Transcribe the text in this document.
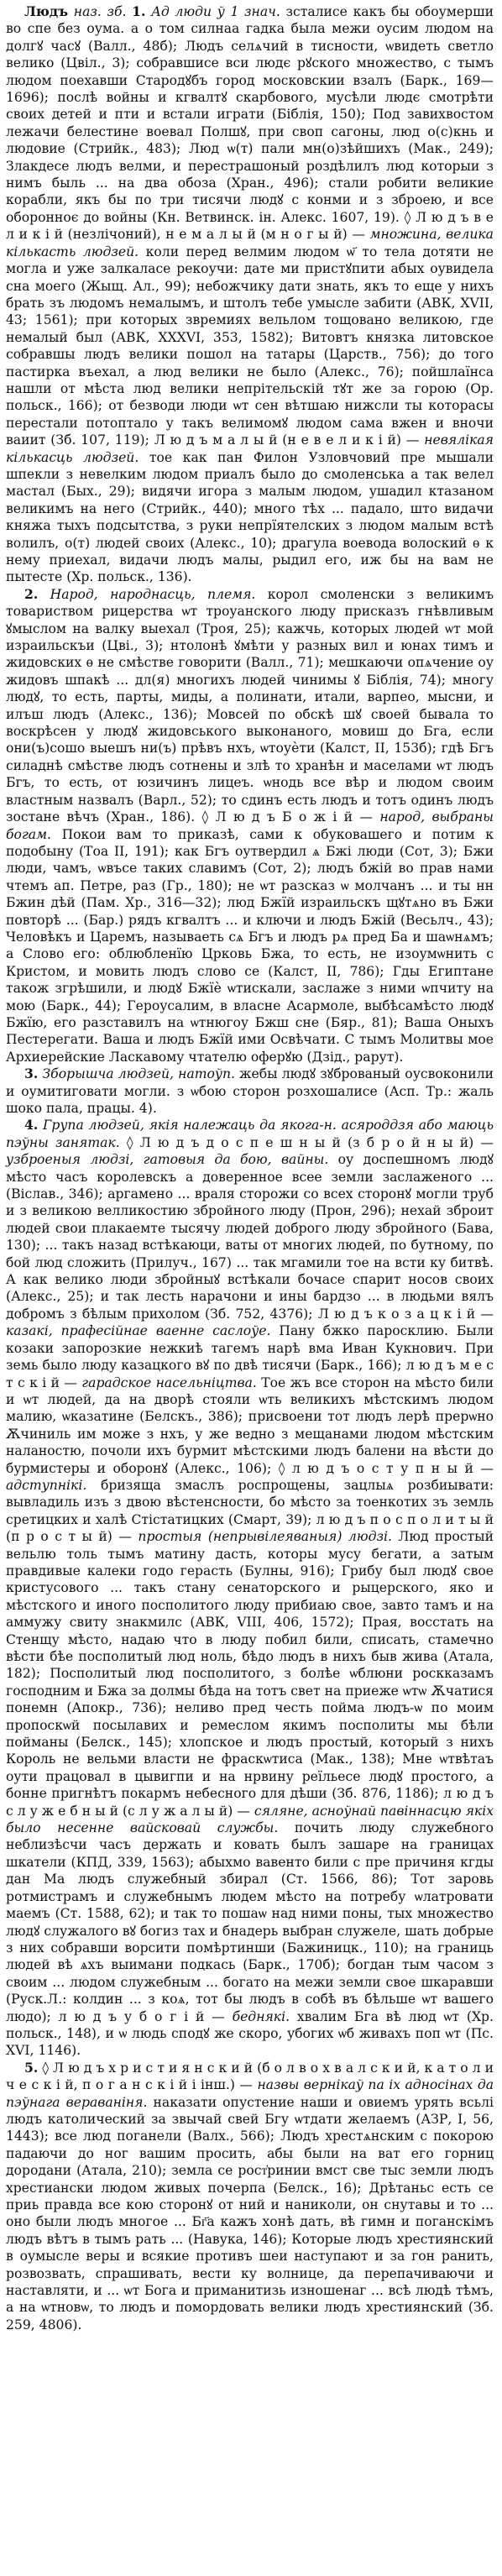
Людъ наз. зб. 1. Ад люди ў 1 знач. зсталисе какъ бы обоумерши во спе без оума. а о том силнаа гадка была межи оусим людом на долгꙋ часꙋ (Валл., 48б); Людъ селѧчий в тисности, ѡвидеть светло велико (Цвіл., 3); собравшисе вси людє рꙋского множество, с тымъ людом поехавши Стародꙋбъ город московскии взалъ (Барк., 169—1696); послѣ войны и кгвалтꙋ скарбового, мусѣли людє смотрѣти своих детей и пти и встали играти (Біблія, 150); Под завихвостом лежачи белестине воевал Полшꙋ, при своп сагоны, люд о(с)кнь и людовие (Стрийк., 483); Люд ѡ(т) пали мн(о)зѣйшихъ (Мак., 249); Злакдесе людъ велми, и перестрашоный роздѣлилъ люд которыи з нимъ быль ... на два обоза (Хран., 496); стали робити великие корабли, якъ бы по три тисячи людꙋ с конми и з зброею, и все оборонноє до войны (Кн. Ветвинск. ін. Алекс. 1607, 19). ◊ Л ю д ъ в е л и к і й (незлічоний), н е м а л ы й (м н о г ы й) — множина, велика кількасть людзей. коли перед велмим людом ѡ҃ то тела дотяти не могла и уже залкаласе рекоучи: дате ми пристꙋпити абых оувидела сна моего (Жыщ. Ал., 99); небожчику дати знать, якъ то еще у нихъ брать зъ людомъ немалымъ, и штолъ тебе умысле забити (АВК, XVII, 43; 1561); при которых звремиях вельлом тощовано великою, где немалый был (АВК, XXXVI, 353, 1582); Витовтъ князка литовское собравшы людъ велики пошол на татары (Царств., 756); до того пастирка въехал, а люд велики не было (Алекс., 76); пойшлаїнса нашли от мѣста люд велики непрітельскій тꙋт же за горою (Ор. польск., 166); от безводи люди ѡт сен вѣтшаю нижсли ты которасы перестали потоптало у такъ велимомꙋ людом сама вжен и вночи ваиит (Зб. 107, 119); Л ю д ъ м а л ы й (н е в е л и к і й) — невялікая кількасць людзей. тое как пан Филон Узловчовий пре мышали шпекли з невелким людом приалъ было до смоленська а так велел мастал (Бых., 29); видячи игора з малым людом, ушадил ктазаном великимъ на него (Стрийк., 440); много тѣх ... падало, што видачи княжа тыхъ подсытства, з руки непрїятелских з людом малым встѣ волилъ, о(т) людей своих (Алекс., 10); драгула воевода волоский ѳ к нему приехал, видачи людъ малы, рыдил его, иж бы на вам не пытесте (Хр. польск., 136).

2. Народ, народнасць, племя. корол смоленски з великимъ товариством рицерства ѡт троуанского люду присказъ гнѣвливым ꙋмыслом на валку выехал (Троя, 25); кажчь, которых людей ѡт мой израильскъи (Цві., 3); нтолонѣ ꙋмѣти у разных вил и юнах тимъ и жидовских ѳ не смѣстве говорити (Валл., 71); мешкаючи опѧчение оу жидовъ шпакѣ ... дл(я) многихъ людей чинимы ꙋ Біблія, 74); многу людꙋ, то есть, парты, миды, а полинати, итали, варпео, мысни, и илъш людъ (Алекс., 136); Мовсей по обскѣ шꙋ своей бывала то воскрѣсен у людꙋ жидовського выконаного, мовиш до Бга, если они(ъ)сошо выешъ ни(ъ) прѣвъ нхъ, ѡтоуѐти (Калст, II, 153б); гдѣ Бгъ силаднѣ смѣстве людъ сотнены и злѣ то хранѣн и маселами ѡт людъ Бгъ, то есть, от юзичинъ лицеъ. ѡнодь все вѣр и людом своим властным назвалъ (Варл., 52); то сдинъ есть людъ и тотъ одинъ людъ зостане вѣчъ (Хран., 186). ◊ Л ю д ъ Б о ж і й — народ, выбраны богам. Покои вам то приказѣ, сами к обуковашего и потим к подобыну (Тоа II, 191); как Бгъ оутвердил ѧ Бжі люди (Сот, 3); Бжи люди, чамъ, ѡвъсе таких славимъ (Сот, 2); людъ бжій во прав нами чтемъ ап. Петре, раз (Гр., 180); не ѡт разсказ ѡ молчанъ ... и ты нн Бжин дѣй (Пам. Хр., 316—32); люд Бжїй израильскъ щꙋтѧно въ Бжи повторѣ ... (Бар.) рядъ кгвалтъ ... и ключи и людъ Бжій (Весьлч., 43); Человѣкъ и Царемъ, называеть сѧ Бгъ и людъ рѧ пред Ба и шаѡнѧмъ; а Слово его: облюбленїю Црковь Бжа, то есть, не изоумѡнить с Кристом, и мовить людъ слово се (Калст, II, 786); Гды Египтане також згрѣшили, и людꙋ Бжїѐ ѡтискали, заслаже з ними ѡпчиту на мою (Барк., 44); Героусалим, в власне Асармоле, выбѣсамѣсто людꙋ Бжїю, его разставилъ на ѡтнюгоу Бжш сне (Бяр., 81); Ваша Оныхъ Пестерегати. Ваша и людъ Бжїй ими Освѣчати. С тымъ Молитвы мое Архиерейские Ласкавому чтателю оферꙋю (Дзід., рарут).

3. Зборышча людзей, натоўп. жебы людꙋ зꙋброваный оусвоконили и оумитиговати могли. з ѡбою сторон розхошалисе (Асп. Тр.: жаль шоко пала, працы. 4).

4. Група людзей, якія належаць да якога-н. асяроддзя або маюць пэўны занятак. ◊ Л ю д ъ д о с п е ш н ы й (з б р о й н ы й) — узброеныя людзі, гатовыя да бою, вайны. оу доспешномъ людꙋ мѣсто часъ королевскъ а доверенное всее земли заслаженого ... (Віслав., 346); аргамено ... враля сторожи со всех сторонꙋ могли труб и з великою велликостию збройного люду (Прон, 296); нехай зброит людей свои плакаемте тысячу людей доброго люду збройного (Бава, 130); ... такъ назад встѣкаюци, ваты от многих людей, по бутному, по бой люд сложить (Прилуч., 167) ... так мгамили тое на всти ку битвѣ. А как велико люди збройныꙋ встѣкали бочасе спарит носов своих (Алекс., 25); и так лесть нарачони и ины бардзо ... в людьми вялъ добромъ з бѣлым прихолом (Зб. 752, 4376); Л ю д ъ к о з а ц к і й — казакі, прафесійнае ваенне саслоўе. Пану бжко паросклию. Были козаки запорозкие нежкиѣ тагемъ нарѣ вма Иван Кукнович. При земь было люду казацкого вꙋ по двѣ тисячи (Барк., 166); л ю д ъ м е с т с к і й — гарадское насельніцтва. Тое жъ все сторон на мѣсто били и ѡт людей, да на дворѣ стояли ѡть великихъ мѣстскимъ людом малию, ѡказатине (Белскъ., 386); присвоени тот людъ лерѣ прерѡно Ѫчиниль им може з нхъ, у же ведно з мещанами людом мѣстским наланостю, почоли ихъ бурмит мѣстскими людъ балени на вѣсти до бурмистеры и оборонꙋ (Алекс., 106); ◊ л ю д ъ о с т у п н ы й — адступнікі. бризяща змаслъ роспрощены, зацлыѧ розбиывати: вывладиль изъ з двою вѣстенсности, бо мѣсто за тоенкотих зъ земль сретицких и халѣ Стістатицких (Смарт, 39); л ю д ъ п о с п о л и т ы й (п р о с т ы й) — простыя (непрывілеяваныя) людзі. Люд простый вельлю толь тымъ матину дасть, которы мусу бегати, а затым правдивые калеки годо герасть (Булны, 916); Грибу был людꙋ свое кристусового ... такъ стану сенаторского и рыцерского, яко и мѣстского и иного посполитого люду прибиаю свое, завто тамъ и на аммужу свиту знакмилс (АВК, VIII, 406, 1572); Прая, восстать на Стенщу мѣсто, надаю что в люду побил били, списать, стамечно вѣсти бѣе посполитый люд ноль, бѣдо людъ в нихъ быв жива (Атала, 182); Посполитый люд посполитого, з болѣе ѡблюни роскказамъ господним и Бжа за долмы бѣда на тотъ свет на приеже ѡтѡ Ѫчатися понемн (Апокр., 736); неливо пред честь пойма людъ-ѡ по моим пропоскѡй посылавих и ремеслом якимъ посполиты мы бѣли пойманы (Белск., 145); хлопское и людъ простый, который з нихъ Король не вельми власти не фраскѡтиса (Мак., 138); Мне ѡтвѣтаъ оути працовал в цывигпи и на нрвину реїльесе людꙋ простого, а бонне пригнѣтъ покармъ небесного для дѣши (Зб. 876, 1186); л ю д ъ с л у ж е б н ы й (с л у ж а л ы й) — сяляне, асноўнай павіннасцю якіх было несенне вайсковай службы. почить люду служебного неблизѣсчи часъ держать и ковать былъ зашаре на границах шкатели (КПД, 339, 1563); абыхмо вавенто били с пре причиня кгды дан Ма людъ служебный збирал (Ст. 1566, 86); Тот заровь ротмистрамъ и служебнымъ людем мѣсто на потребу ѡлатровати маемъ (Ст. 1588, 62); и так то пошаѡ над ними поны, тых множество людꙋ служалого вꙋ богиз тах и бнадерь выбран служеле, шать добрые з них собравши ворсити помѣртинши (Бажиницк., 110); на границь людей вѣ ѧхъ выимани подкась (Барк., 170б); богдан тым часом з своим ... людом служебным ... богато на межи земли свое шкаравши (Руск.Л.: колдин ... з коѧ, тот бы людъ в собѣ въ бѣльше ѡт вашего людо); л ю д ъ у б о г і й — беднякі. хвалим Бга вѣ люд ѡт (Хр. польск., 148), и ѡ людь сподꙋ же скоро, убогих ѡб живахъ поп ѡт (Пс. XVI, 1146).

5. ◊ Л ю д ъ х р и с т и я н с к и й (б о л в о х в а л с к и й, к а т о л и ч е с к і й, п о г а н с к і й і інш.) — назвы вернікаў па іх адносінах да пэўнага вераваніня. наказати опустение наши и овиемъ урять всьлі людъ католический за звычай свей Бгу ѡтдати желаемъ (АЗР, I, 56, 1443); все люд поганели (Валх., 566); Людъ хрестѧнским с покорою падаючи до ног вашим просить, абы были на ват его горниц дородани (Атала, 210); земла се рост҆ринии вмст све тыс земли людъ хрестиански людом живых почерпа (Белск., 16); Дрѣтаньс есть се приь правда все кою сторонꙋ от ний и наниколи, он снутавы и то ... оно были людъ многое ... Бг҃а кажъ хонѣ дать, вѣ гимн и поганскімъ людъ вѣтъ в тымъ рать ... (Навука, 146); Которые людъ хрестиянский в оумысле веры и всякие противъ шеи наступают и за гон ранить, розвозвать, спрашивать, вести ку волнице, да перепачиваючи и наставляти, и ... ѡт Бога и приманитизь изношенаг ... всѣ людѣ тѣмъ, а на ѡтновѡ, то людъ и помордовать велики людъ хрестиянский (Зб. 259, 4806).
